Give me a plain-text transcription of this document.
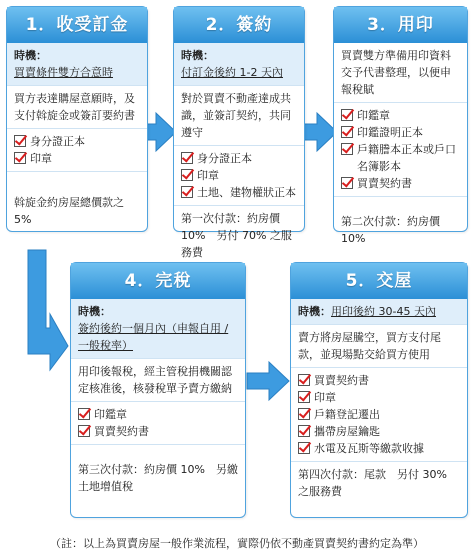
1．收受訂金
時機：
買賣條件雙方合意時
買方表達購屋意願時，及支付斡旋金或簽訂要約書
身分證正本
印章
斡旋金約房屋總價款之 5%
2．簽約
時機：
付訂金後約 1-2 天內
對於買賣不動產達成共識，並簽訂契約，共同遵守
身分證正本
印章
土地、建物權狀正本
第一次付款：約房價 10%　另付 70% 之服務費
3．用印
買賣雙方準備用印資料交予代書整理，以便申報稅賦
印鑑章
印鑑證明正本
戶籍謄本正本或戶口名簿影本
買賣契約書
第二次付款：約房價 10%
4．完稅
時機：
簽約後約一個月內（申報自用 / 一般稅率）
用印後報稅，經主管稅捐機關認定核准後，核發稅單予賣方繳納
印鑑章
買賣契約書
第三次付款：約房價 10%　另繳土地增值稅
5．交屋
時機：用印後約 30-45 天內
賣方將房屋騰空，買方支付尾款，並現場點交給買方使用
買賣契約書
印章
戶籍登記遷出
攜帶房屋鑰匙
水電及瓦斯等繳款收據
第四次付款：尾款　另付 30% 之服務費
（註：以上為買賣房屋一般作業流程，實際仍依不動產買賣契約書約定為準）
